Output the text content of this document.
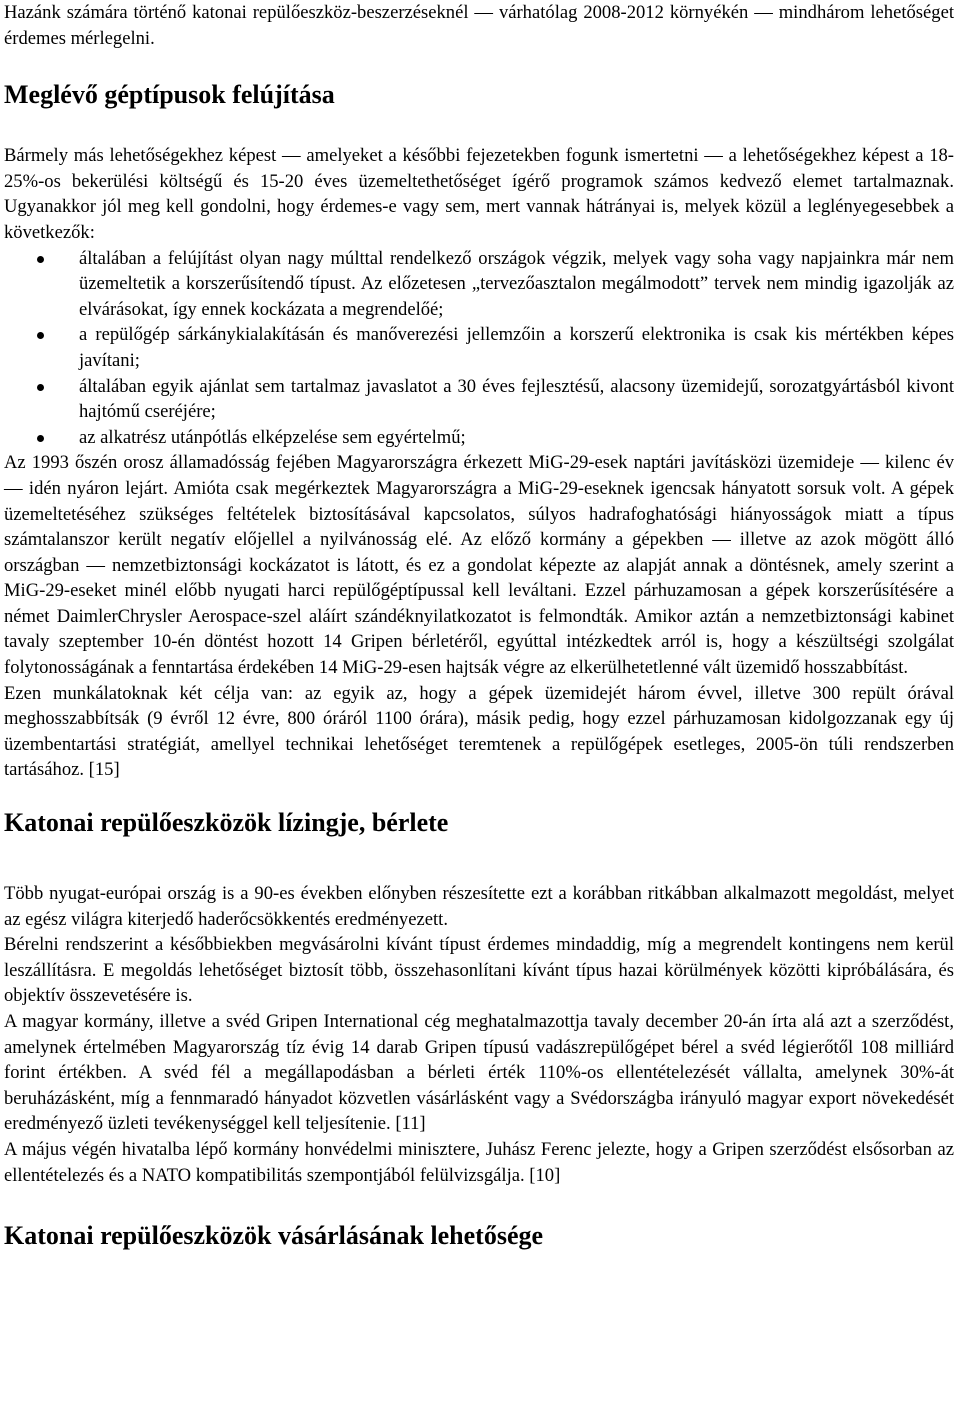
Hazánk számára történő katonai repülőeszköz-beszerzéseknél — várhatólag 2008-2012 környékén — mindhárom lehetőséget érdemes mérlegelni.

Meglévő géptípusok felújítása

Bármely más lehetőségekhez képest — amelyeket a későbbi fejezetekben fogunk ismertetni — a lehetőségekhez képest a 18-25%-os bekerülési költségű és 15-20 éves üzemeltethetőséget ígérő programok számos kedvező elemet tartalmaznak. Ugyanakkor jól meg kell gondolni, hogy érdemes-e vagy sem, mert vannak hátrányai is, melyek közül a leglényegesebbek a következők:

általában a felújítást olyan nagy múlttal rendelkező országok végzik, melyek vagy soha vagy napjainkra már nem üzemeltetik a korszerűsítendő típust. Az előzetesen „tervezőasztalon megálmodott” tervek nem mindig igazolják az elvárásokat, így ennek kockázata a megrendelőé;
a repülőgép sárkánykialakításán és manőverezési jellemzőin a korszerű elektronika is csak kis mértékben képes javítani;
általában egyik ajánlat sem tartalmaz javaslatot a 30 éves fejlesztésű, alacsony üzemidejű, sorozatgyártásból kivont hajtómű cseréjére;
az alkatrész utánpótlás elképzelése sem egyértelmű;

Az 1993 őszén orosz államadósság fejében Magyarországra érkezett MiG-29-esek naptári javításközi üzemideje — kilenc év — idén nyáron lejárt. Amióta csak megérkeztek Magyarországra a MiG-29-eseknek igencsak hányatott sorsuk volt. A gépek üzemeltetéséhez szükséges feltételek biztosításával kapcsolatos, súlyos hadrafoghatósági hiányosságok miatt a típus számtalanszor került negatív előjellel a nyilvánosság elé. Az előző kormány a gépekben — illetve az azok mögött álló országban — nemzetbiztonsági kockázatot is látott, és ez a gondolat képezte az alapját annak a döntésnek, amely szerint a MiG-29-eseket minél előbb nyugati harci repülőgéptípussal kell leváltani. Ezzel párhuzamosan a gépek korszerűsítésére a német DaimlerChrysler Aerospace-szel aláírt szándéknyilatkozatot is felmondták. Amikor aztán a nemzetbiztonsági kabinet tavaly szeptember 10-én döntést hozott 14 Gripen bérletéről, egyúttal intézkedtek arról is, hogy a készültségi szolgálat folytonosságának a fenntartása érdekében 14 MiG-29-esen hajtsák végre az elkerülhetetlenné vált üzemidő hosszabbítást.

Ezen munkálatoknak két célja van: az egyik az, hogy a gépek üzemidejét három évvel, illetve 300 repült órával meghosszabbítsák (9 évről 12 évre, 800 óráról 1100 órára), másik pedig, hogy ezzel párhuzamosan kidolgozzanak egy új üzembentartási stratégiát, amellyel technikai lehetőséget teremtenek a repülőgépek esetleges, 2005-ön túli rendszerben tartásához. [15]

Katonai repülőeszközök lízingje, bérlete

Több nyugat-európai ország is a 90-es években előnyben részesítette ezt a korábban ritkábban alkalmazott megoldást, melyet az egész világra kiterjedő haderőcsökkentés eredményezett.

Bérelni rendszerint a későbbiekben megvásárolni kívánt típust érdemes mindaddig, míg a megrendelt kontingens nem kerül leszállításra. E megoldás lehetőséget biztosít több, összehasonlítani kívánt típus hazai körülmények közötti kipróbálására, és objektív összevetésére is.

A magyar kormány, illetve a svéd Gripen International cég meghatalmazottja tavaly december 20-án írta alá azt a szerződést, amelynek értelmében Magyarország tíz évig 14 darab Gripen típusú vadászrepülőgépet bérel a svéd légierőtől 108 milliárd forint értékben. A svéd fél a megállapodásban a bérleti érték 110%-os ellentételezését vállalta, amelynek 30%-át beruházásként, míg a fennmaradó hányadot közvetlen vásárlásként vagy a Svédországba irányuló magyar export növekedését eredményező üzleti tevékenységgel kell teljesítenie. [11]

A május végén hivatalba lépő kormány honvédelmi minisztere, Juhász Ferenc jelezte, hogy a Gripen szerződést elsősorban az ellentételezés és a NATO kompatibilitás szempontjából felülvizsgálja. [10]

Katonai repülőeszközök vásárlásának lehetősége
